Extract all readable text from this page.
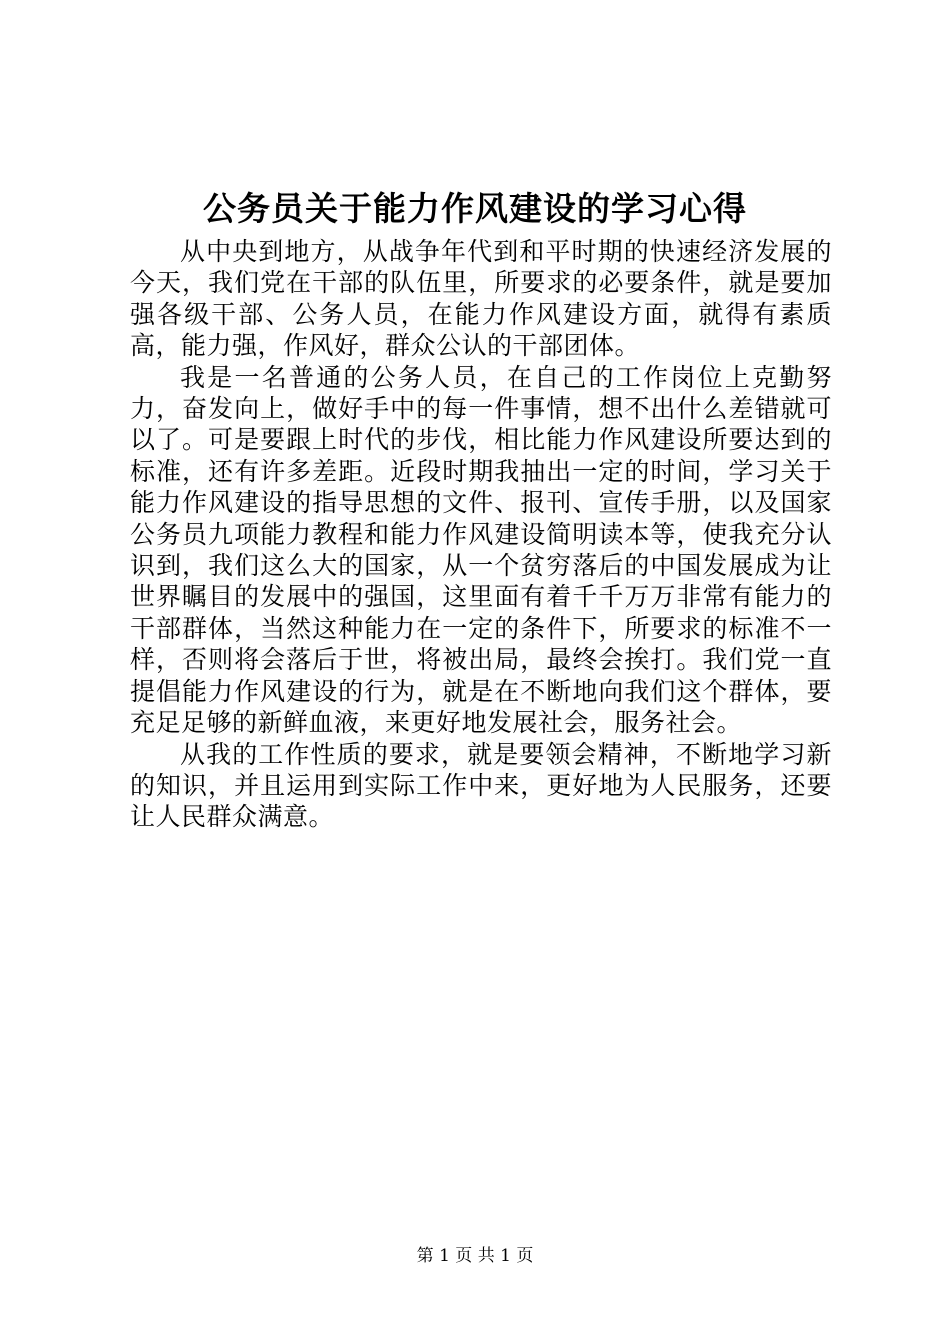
公务员关于能力作风建设的学习心得

从中央到地方，从战争年代到和平时期的快速经济发展的今天，我们党在干部的队伍里，所要求的必要条件，就是要加强各级干部、公务人员，在能力作风建设方面，就得有素质高，能力强，作风好，群众公认的干部团体。

我是一名普通的公务人员，在自己的工作岗位上克勤努力，奋发向上，做好手中的每一件事情，想不出什么差错就可以了。可是要跟上时代的步伐，相比能力作风建设所要达到的标准，还有许多差距。近段时期我抽出一定的时间，学习关于能力作风建设的指导思想的文件、报刊、宣传手册，以及国家公务员九项能力教程和能力作风建设简明读本等，使我充分认识到，我们这么大的国家，从一个贫穷落后的中国发展成为让世界瞩目的发展中的强国，这里面有着千千万万非常有能力的干部群体，当然这种能力在一定的条件下，所要求的标准不一样，否则将会落后于世，将被出局，最终会挨打。我们党一直提倡能力作风建设的行为，就是在不断地向我们这个群体，要充足足够的新鲜血液，来更好地发展社会，服务社会。

从我的工作性质的要求，就是要领会精神，不断地学习新的知识，并且运用到实际工作中来，更好地为人民服务，还要让人民群众满意。

第 1 页 共 1 页
